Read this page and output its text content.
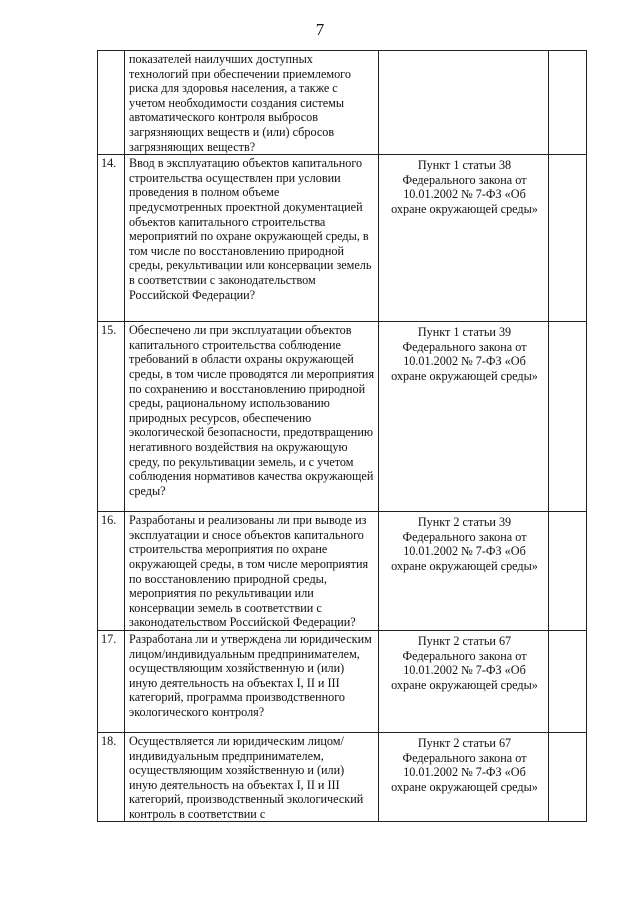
7
	показателей наилучших доступных технологий при обеспечении приемлемого риска для здоровья населения, а также с учетом необходимости создания системы автоматического контроля выбросов загрязняющих веществ и (или) сбросов загрязняющих веществ?		
14.	Ввод в эксплуатацию объектов капитального строительства осуществлен при условии проведения в полном объеме предусмотренных проектной документацией объектов капитального строительства мероприятий по охране окружающей среды, в том числе по восстановлению природной среды, рекультивации или консервации земель в соответствии с законодательством Российской Федерации?	Пункт 1 статьи 38 Федерального закона от 10.01.2002 № 7-ФЗ «Об охране окружающей среды»	
15.	Обеспечено ли при эксплуатации объектов капитального строительства соблюдение требований в области охраны окружающей среды, в том числе проводятся ли мероприятия по сохранению и восстановлению природной среды, рациональному использованию природных ресурсов, обеспечению экологической безопасности, предотвращению негативного воздействия на окружающую среду, по рекультивации земель, и с учетом соблюдения нормативов качества окружающей среды?	Пункт 1 статьи 39 Федерального закона от 10.01.2002 № 7-ФЗ «Об охране окружающей среды»	
16.	Разработаны и реализованы ли при выводе из эксплуатации и сносе объектов капитального строительства мероприятия по охране окружающей среды, в том числе мероприятия по восстановлению природной среды, мероприятия по рекультивации или консервации земель в соответствии с законодательством Российской Федерации?	Пункт 2 статьи 39 Федерального закона от 10.01.2002 № 7-ФЗ «Об охране окружающей среды»	
17.	Разработана ли и утверждена ли юридическим лицом/индивидуальным предпринимателем, осуществляющим хозяйственную и (или) иную деятельность на объектах I, II и III категорий, программа производственного экологического контроля?	Пункт 2 статьи 67 Федерального закона от 10.01.2002 № 7-ФЗ «Об охране окружающей среды»	
18.	Осуществляется ли юридическим лицом/ индивидуальным предпринимателем, осуществляющим хозяйственную и (или) иную деятельность на объектах I, II и III категорий, производственный экологический контроль в соответствии с	Пункт 2 статьи 67 Федерального закона от 10.01.2002 № 7-ФЗ «Об охране окружающей среды»	
